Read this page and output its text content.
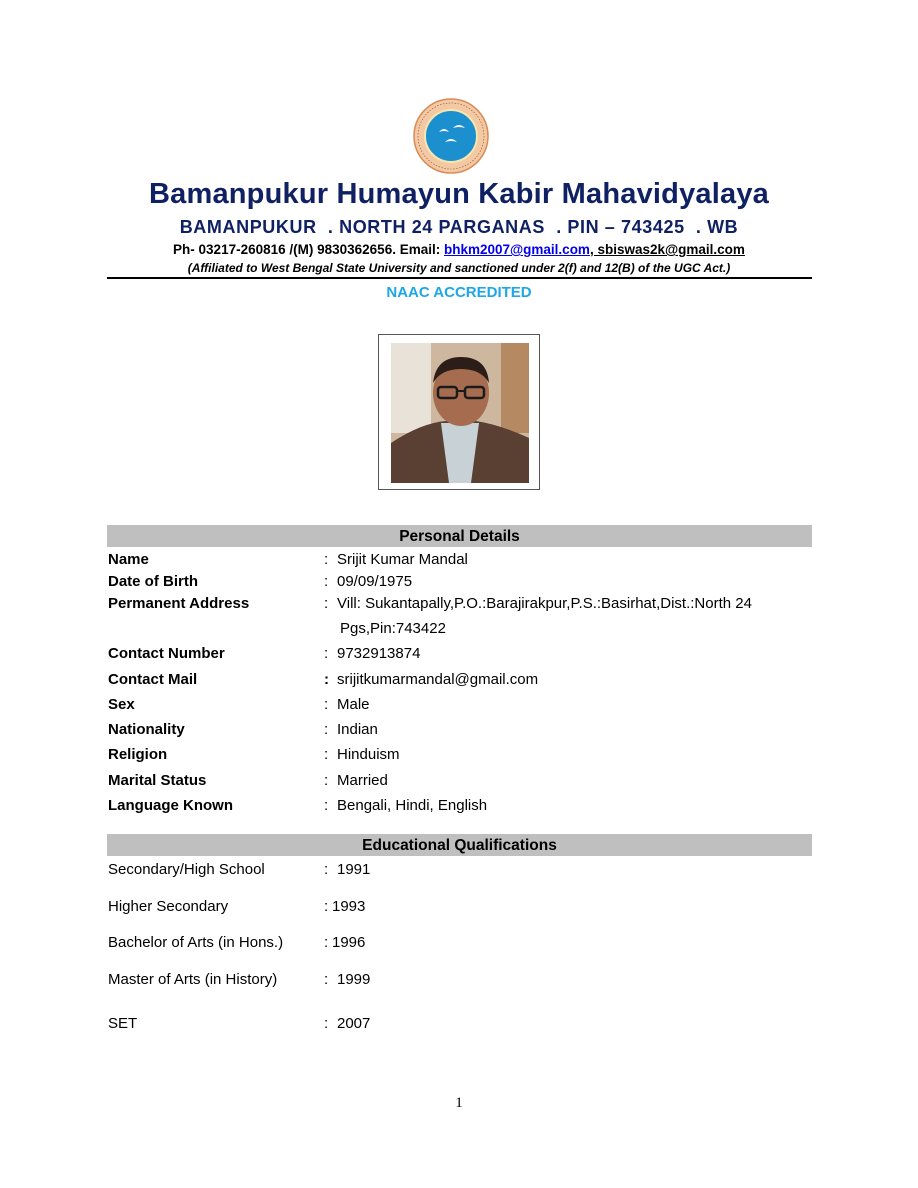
Bamanpukur Humayun Kabir Mahavidyalaya
BAMANPUKUR  . NORTH 24 PARGANAS  . PIN – 743425  . WB
Ph- 03217-260816 /(M) 9830362656. Email: bhkm2007@gmail.com, sbiswas2k@gmail.com
(Affiliated to West Bengal State University and sanctioned under 2(f) and 12(B) of the UGC Act.)
NAAC ACCREDITED
Personal Details
Name	: Srijit Kumar Mandal
Date of Birth	: 09/09/1975
Permanent Address	: Vill: Sukantapally,P.O.:Barajirakpur,P.S.:Basirhat,Dist.:North 24
Pgs,Pin:743422
Contact Number	: 9732913874
Contact Mail	: srijitkumarmandal@gmail.com
Sex	: Male
Nationality	: Indian
Religion	: Hinduism
Marital Status	: Married
Language Known	: Bengali, Hindi, English
Educational Qualifications
Secondary/High School	: 1991
Higher Secondary	: 1993
Bachelor of Arts (in Hons.)	: 1996
Master of Arts (in History)	: 1999
SET	: 2007
1
